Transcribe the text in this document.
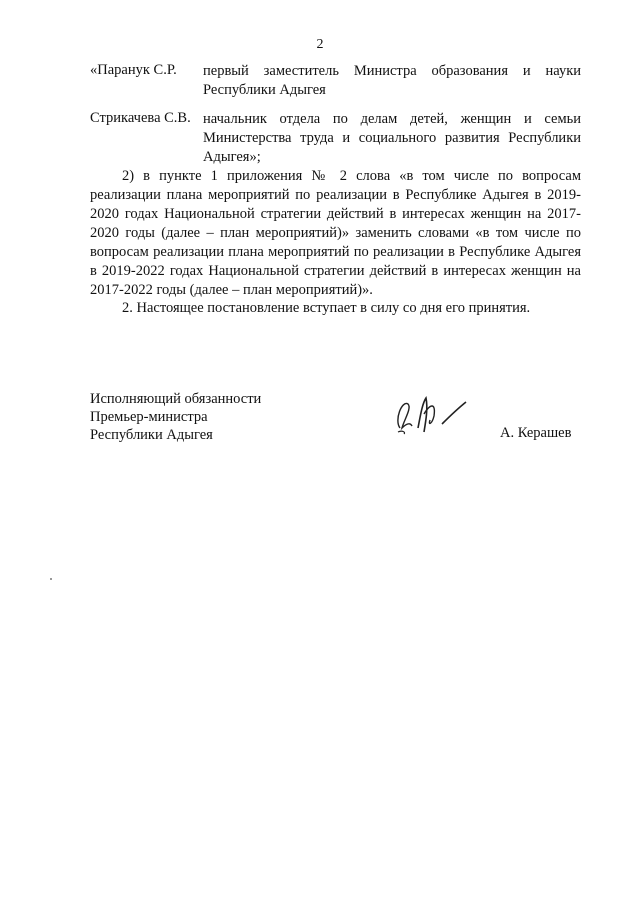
2
«Паранук С.Р. первый заместитель Министра образования и науки Республики Адыгея
Стрикачева С.В. начальник отдела по делам детей, женщин и семьи Министерства труда и социального развития Республики Адыгея»;

2) в пункте 1 приложения № 2 слова «в том числе по вопросам реализации плана мероприятий по реализации в Республике Адыгея в 2019-2020 годах Национальной стратегии действий в интересах женщин на 2017-2020 годы (далее – план мероприятий)» заменить словами «в том числе по вопросам реализации плана мероприятий по реализации в Республике Адыгея в 2019-2022 годах Национальной стратегии действий в интересах женщин на 2017-2022 годы (далее – план мероприятий)».

2. Настоящее постановление вступает в силу со дня его принятия.
Исполняющий обязанности
Премьер-министра
Республики Адыгея	А. Керашев
